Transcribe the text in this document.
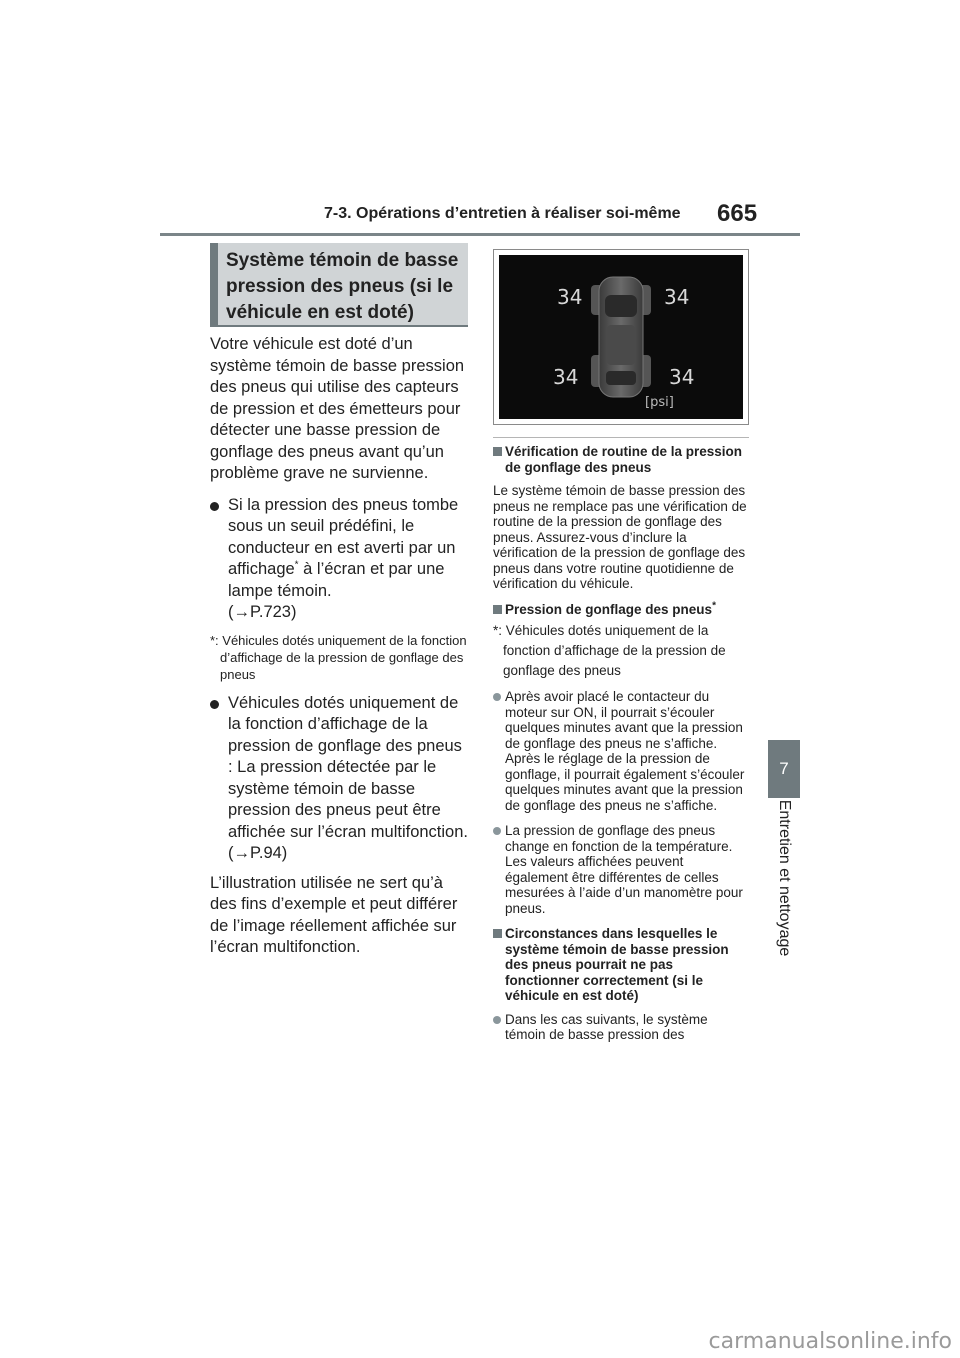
7-3. Opérations d’entretien à réaliser soi-même 665
7
Entretien et nettoyage
Système témoin de basse pression des pneus (si le véhicule en est doté)

Votre véhicule est doté d’un système témoin de basse pression des pneus qui utilise des capteurs de pression et des émetteurs pour détecter une basse pression de gonflage des pneus avant qu’un problème grave ne survienne.

Si la pression des pneus tombe sous un seuil prédéfini, le conducteur en est averti par un affichage* à l’écran et par une lampe témoin.
(→P.723)
*: Véhicules dotés uniquement de la fonction d’affichage de la pression de gonflage des pneus
Véhicules dotés uniquement de la fonction d’affichage de la pression de gonflage des pneus : La pression détectée par le système témoin de basse pression des pneus peut être affichée sur l’écran multifonction. (→P.94)

L’illustration utilisée ne sert qu’à des fins d’exemple et peut différer de l’image réellement affichée sur l’écran multifonction.

34	34
34	34
[psi]
Vérification de routine de la pression de gonflage des pneus

Le système témoin de basse pression des pneus ne remplace pas une vérification de routine de la pression de gonflage des pneus. Assurez-vous d’inclure la vérification de la pression de gonflage des pneus dans votre routine quotidienne de vérification du véhicule.

Pression de gonflage des pneus*
*: Véhicules dotés uniquement de la fonction d’affichage de la pression de gonflage des pneus
Après avoir placé le contacteur du moteur sur ON, il pourrait s’écouler quelques minutes avant que la pression de gonflage des pneus ne s’affiche. Après le réglage de la pression de gonflage, il pourrait également s’écouler quelques minutes avant que la pression de gonflage des pneus ne s’affiche.
La pression de gonflage des pneus change en fonction de la température. Les valeurs affichées peuvent également être différentes de celles mesurées à l’aide d’un manomètre pour pneus.
Circonstances dans lesquelles le système témoin de basse pression des pneus pourrait ne pas fonctionner correctement (si le véhicule en est doté)
Dans les cas suivants, le système témoin de basse pression des
carmanualsonline.info
